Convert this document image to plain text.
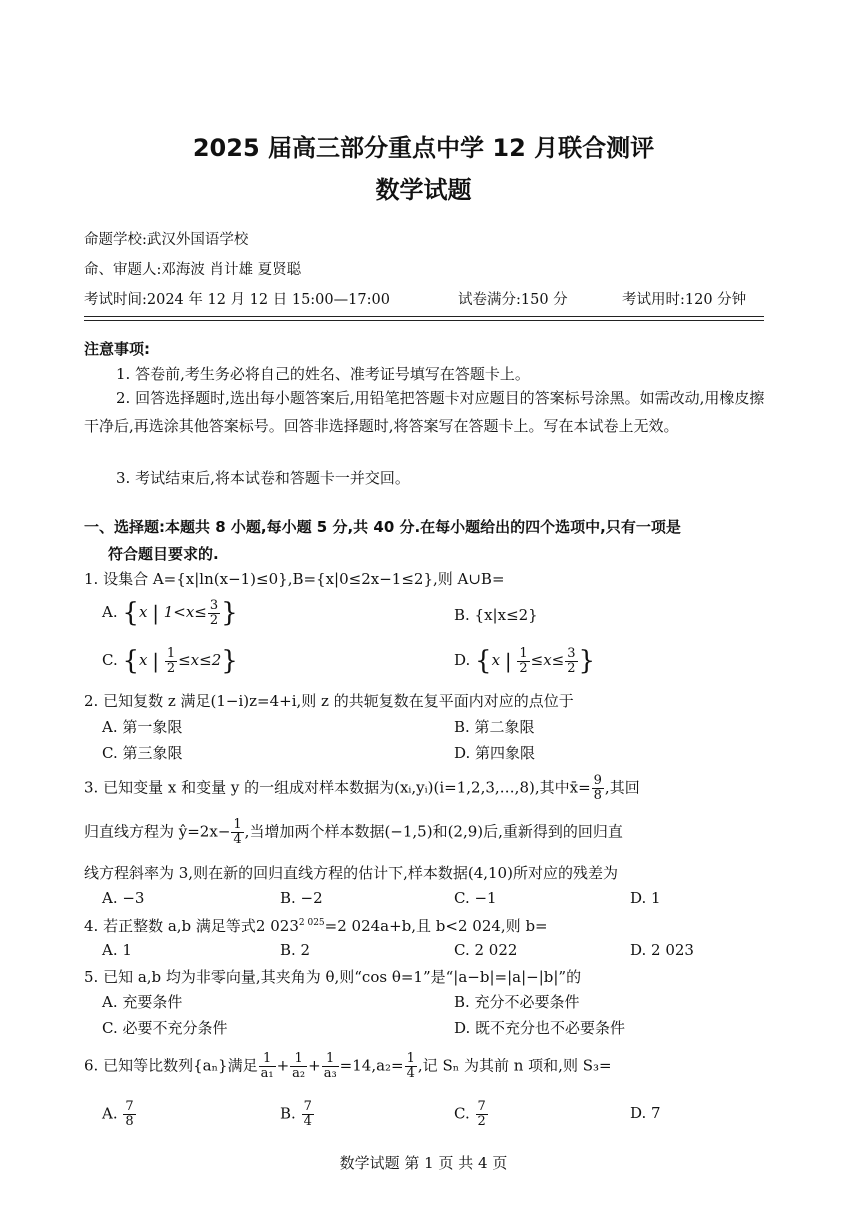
2025 届高三部分重点中学 12 月联合测评
数学试题
命题学校:武汉外国语学校
命、审题人:邓海波 肖计雄 夏贤聪
考试时间:2024 年 12 月 12 日 15:00—17:00	试卷满分:150 分	考试用时:120 分钟
注意事项:
1. 答卷前,考生务必将自己的姓名、准考证号填写在答题卡上。
2. 回答选择题时,选出每小题答案后,用铅笔把答题卡对应题目的答案标号涂黑。如需改动,用橡皮擦干净后,再选涂其他答案标号。回答非选择题时,将答案写在答题卡上。写在本试卷上无效。
3. 考试结束后,将本试卷和答题卡一并交回。
一、选择题:本题共 8 小题,每小题 5 分,共 40 分.在每小题给出的四个选项中,只有一项是
符合题目要求的.
1. 设集合 A={x|ln(x−1)≤0},B={x|0≤2x−1≤2},则 A∪B=
A. {x | $1<x\le \frac{3}{2}$ }	B. {x|x≤2}
C. {x | $\frac{1}{2} \le x\le 2$}	D. {x | $\frac{1}{2} \le x\le \frac{3}{2}$ }
2. 已知复数 z 满足(1−i)z=4+i,则 z 的共轭复数在复平面内对应的点位于
A. 第一象限	B. 第二象限
C. 第三象限	D. 第四象限
3. 已知变量 x 和变量 y 的一组成对样本数据为(xᵢ,yᵢ)(i=1,2,3,…,8),其中x̄= $\frac{9}{8}$ ,其回
归直线方程为 ŷ=2x− $\frac{1}{4}$ ,当增加两个样本数据(−1,5)和(2,9)后,重新得到的回归直
线方程斜率为 3,则在新的回归直线方程的估计下,样本数据(4,10)所对应的残差为
A. −3	B. −2	C. −1	D. 1
4. 若正整数 a,b 满足等式2 $023^{2 025}=2$ 024a+b,且 b<2 024,则 b=
A. 1	B. 2	C. 2 022	D. 2 023
5. 已知 a,b 均为非零向量,其夹角为 θ,则“cos θ=1”是“|a−b|=|a|−|b|”的
A. 充要条件	B. 充分不必要条件
C. 必要不充分条件	D. 既不充分也不必要条件
6. 已知等比数列{aₙ}满足 $\frac{1}{\text{a₁}} + \frac{1}{\text{a₂}} + \frac{1}{\text{a₃}} =14,a_2= \frac{1}{4}$ ,记 Sₙ 为其前 n 项和,则 S₃=
A. $\frac{7}{8}$	B. $\frac{7}{4}$	C. $\frac{7}{2}$	D. 7
数学试题 第 1 页 共 4 页
